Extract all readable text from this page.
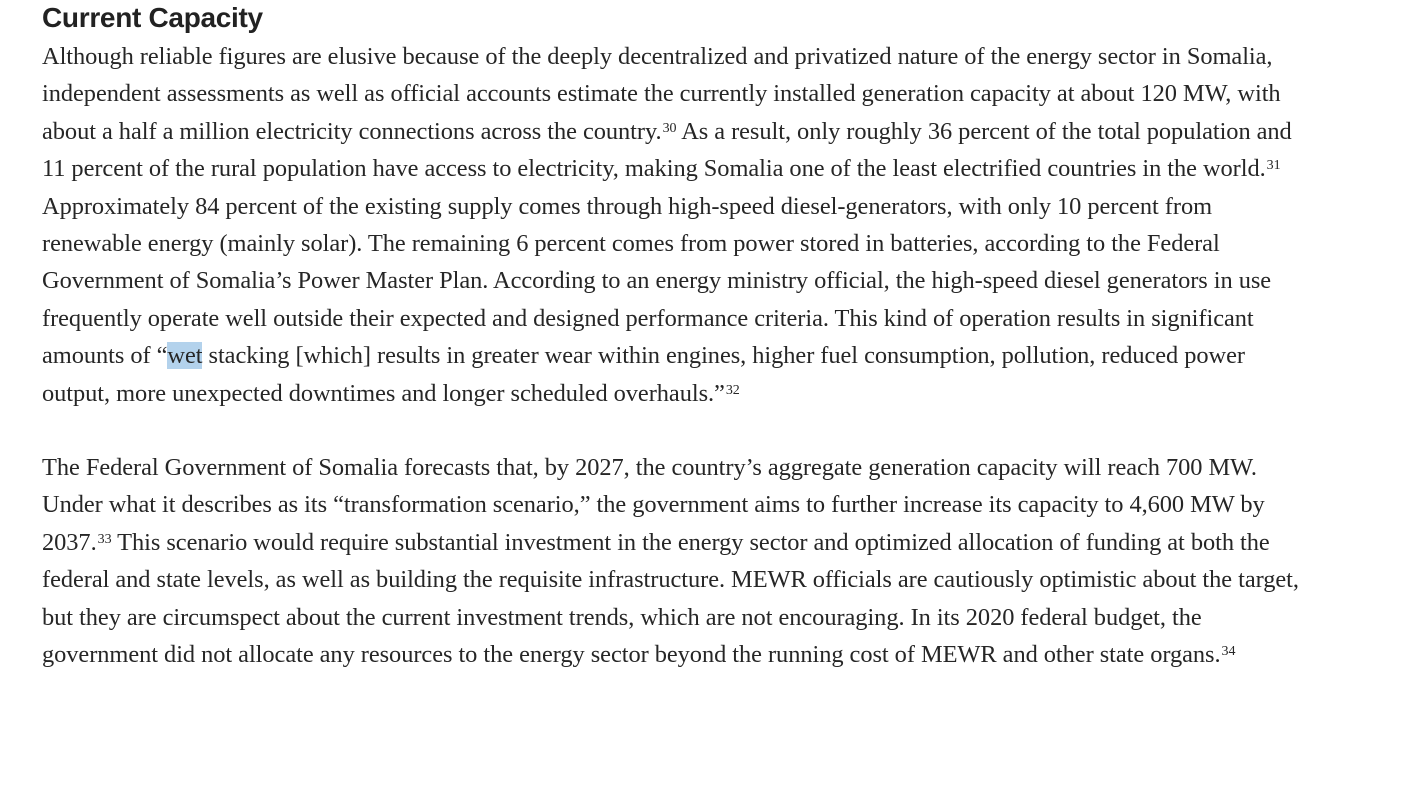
Current Capacity

Although reliable figures are elusive because of the deeply decentralized and privatized nature of the energy sector in Somalia, independent assessments as well as official accounts estimate the currently installed generation capacity at about 120 MW, with about a half a million electricity connections across the country.$^{30}$ As a result, only roughly 36 percent of the total population and 11 percent of the rural population have access to electricity, making Somalia one of the least electrified countries in the world.$^{31}$ Approximately 84 percent of the existing supply comes through high-speed diesel-generators, with only 10 percent from renewable energy (mainly solar). The remaining 6 percent comes from power stored in batteries, according to the Federal Government of Somalia’s Power Master Plan. According to an energy ministry official, the high-speed diesel generators in use frequently operate well outside their expected and designed performance criteria. This kind of operation results in significant amounts of “wet stacking [which] results in greater wear within engines, higher fuel consumption, pollution, reduced power output, more unexpected downtimes and longer scheduled overhauls.”$^{32}$

The Federal Government of Somalia forecasts that, by 2027, the country’s aggregate generation capacity will reach 700 MW. Under what it describes as its “transformation scenario,” the government aims to further increase its capacity to 4,600 MW by 2037.33 This scenario would require substantial investment in the energy sector and optimized allocation of funding at both the federal and state levels, as well as building the requisite infrastructure. MEWR officials are cautiously optimistic about the target, but they are circumspect about the current investment trends, which are not encouraging. In its 2020 federal budget, the government did not allocate any resources to the energy sector beyond the running cost of MEWR and other state organs.$^{34}$
